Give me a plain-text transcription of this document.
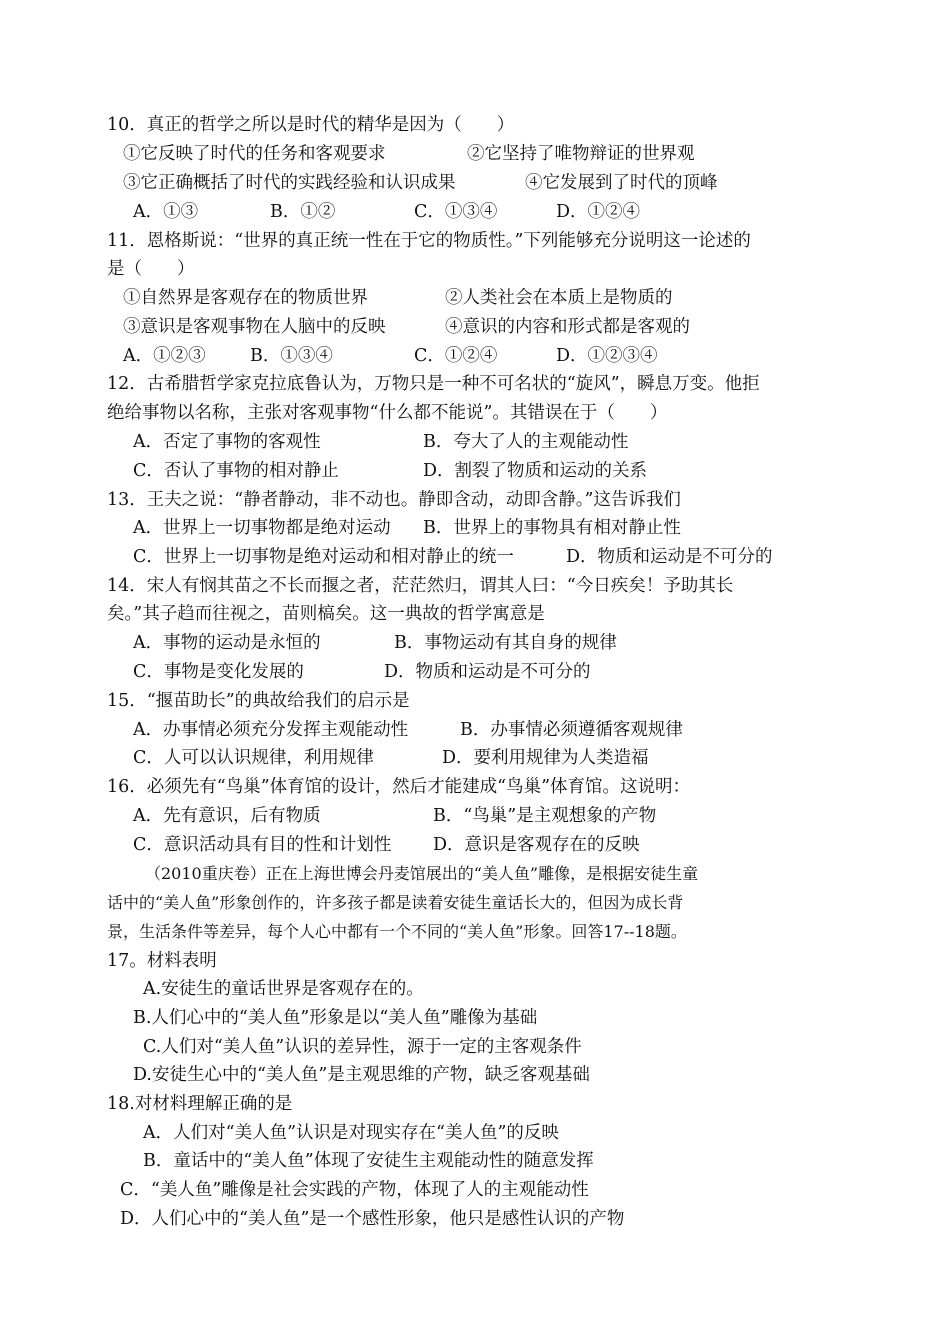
10．真正的哲学之所以是时代的精华是因为（　　）
①它反映了时代的任务和客观要求	②它坚持了唯物辩证的世界观
③它正确概括了时代的实践经验和认识成果	④它发展到了时代的顶峰
A．①③	B．①②	C．①③④	D．①②④
11．恩格斯说：“世界的真正统一性在于它的物质性。”下列能够充分说明这一论述的
是（　　）
①自然界是客观存在的物质世界	②人类社会在本质上是物质的
③意识是客观事物在人脑中的反映	④意识的内容和形式都是客观的
A．①②③	B．①③④	C．①②④	D．①②③④
12．古希腊哲学家克拉底鲁认为，万物只是一种不可名状的“旋风”，瞬息万变。他拒
绝给事物以名称，主张对客观事物“什么都不能说”。其错误在于（　　）
A．否定了事物的客观性	B．夸大了人的主观能动性
C．否认了事物的相对静止	D．割裂了物质和运动的关系
13．王夫之说：“静者静动，非不动也。静即含动，动即含静。”这告诉我们
A．世界上一切事物都是绝对运动 B．世界上的事物具有相对静止性
C．世界上一切事物是绝对运动和相对静止的统一	D．物质和运动是不可分的
14．宋人有悯其苗之不长而揠之者，茫茫然归，谓其人曰：“今日疾矣！予助其长
矣。”其子趋而往视之，苗则槁矣。这一典故的哲学寓意是
A．事物的运动是永恒的	B．事物运动有其自身的规律
C．事物是变化发展的	D．物质和运动是不可分的
15．“揠苗助长”的典故给我们的启示是
A．办事情必须充分发挥主观能动性	B．办事情必须遵循客观规律
C．人可以认识规律，利用规律	D．要利用规律为人类造福
16．必须先有“鸟巢”体育馆的设计，然后才能建成“鸟巢”体育馆。这说明：
A．先有意识，后有物质	B．“鸟巢”是主观想象的产物
C．意识活动具有目的性和计划性 D．意识是客观存在的反映
（2010重庆卷）正在上海世博会丹麦馆展出的“美人鱼”雕像，是根据安徒生童
话中的“美人鱼”形象创作的，许多孩子都是读着安徒生童话长大的，但因为成长背
景，生活条件等差异，每个人心中都有一个不同的“美人鱼”形象。回答17--18题。
17。材料表明
A.安徒生的童话世界是客观存在的。
B.人们心中的“美人鱼”形象是以“美人鱼”雕像为基础
C.人们对“美人鱼”认识的差异性，源于一定的主客观条件
D.安徒生心中的“美人鱼”是主观思维的产物，缺乏客观基础
18.对材料理解正确的是
A．人们对“美人鱼”认识是对现实存在“美人鱼”的反映
B．童话中的“美人鱼”体现了安徒生主观能动性的随意发挥
C．“美人鱼”雕像是社会实践的产物，体现了人的主观能动性
D．人们心中的“美人鱼”是一个感性形象，他只是感性认识的产物
